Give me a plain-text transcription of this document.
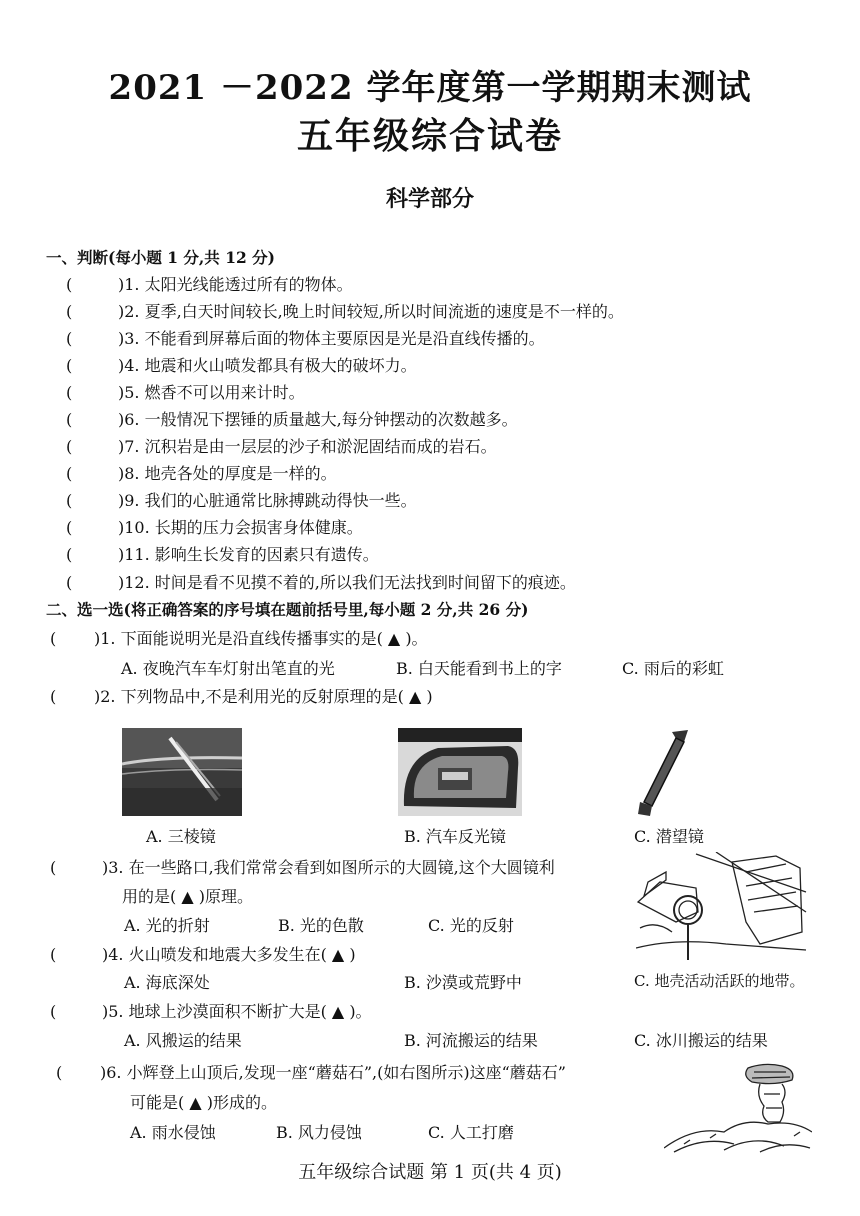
2021 －2022 学年度第一学期期末测试
五年级综合试卷
科学部分
一、判断(每小题 1 分,共 12 分)
(	)1. 太阳光线能透过所有的物体。
(	)2. 夏季,白天时间较长,晚上时间较短,所以时间流逝的速度是不一样的。
(	)3. 不能看到屏幕后面的物体主要原因是光是沿直线传播的。
(	)4. 地震和火山喷发都具有极大的破坏力。
(	)5. 燃香不可以用来计时。
(	)6. 一般情况下摆锤的质量越大,每分钟摆动的次数越多。
(	)7. 沉积岩是由一层层的沙子和淤泥固结而成的岩石。
(	)8. 地壳各处的厚度是一样的。
(	)9. 我们的心脏通常比脉搏跳动得快一些。
(	)10. 长期的压力会损害身体健康。
(	)11. 影响生长发育的因素只有遗传。
(	)12. 时间是看不见摸不着的,所以我们无法找到时间留下的痕迹。
二、选一选(将正确答案的序号填在题前括号里,每小题 2 分,共 26 分)
( )1. 下面能说明光是沿直线传播事实的是( ▲ )。
A. 夜晚汽车车灯射出笔直的光	B. 白天能看到书上的字	C. 雨后的彩虹
( )2. 下列物品中,不是利用光的反射原理的是( ▲ )
A. 三棱镜	B. 汽车反光镜	C. 潜望镜
(	)3. 在一些路口,我们常常会看到如图所示的大圆镜,这个大圆镜利
用的是( ▲ )原理。
A. 光的折射	B. 光的色散	C. 光的反射
(	)4. 火山喷发和地震大多发生在( ▲ )
A. 海底深处	B. 沙漠或荒野中	C. 地壳活动活跃的地带。
(	)5. 地球上沙漠面积不断扩大是( ▲ )。
A. 风搬运的结果	B. 河流搬运的结果	C. 冰川搬运的结果
( )6. 小辉登上山顶后,发现一座“蘑菇石”,(如右图所示)这座“蘑菇石”
可能是( ▲ )形成的。
A. 雨水侵蚀	B. 风力侵蚀	C. 人工打磨
五年级综合试题 第 1 页(共 4 页)
